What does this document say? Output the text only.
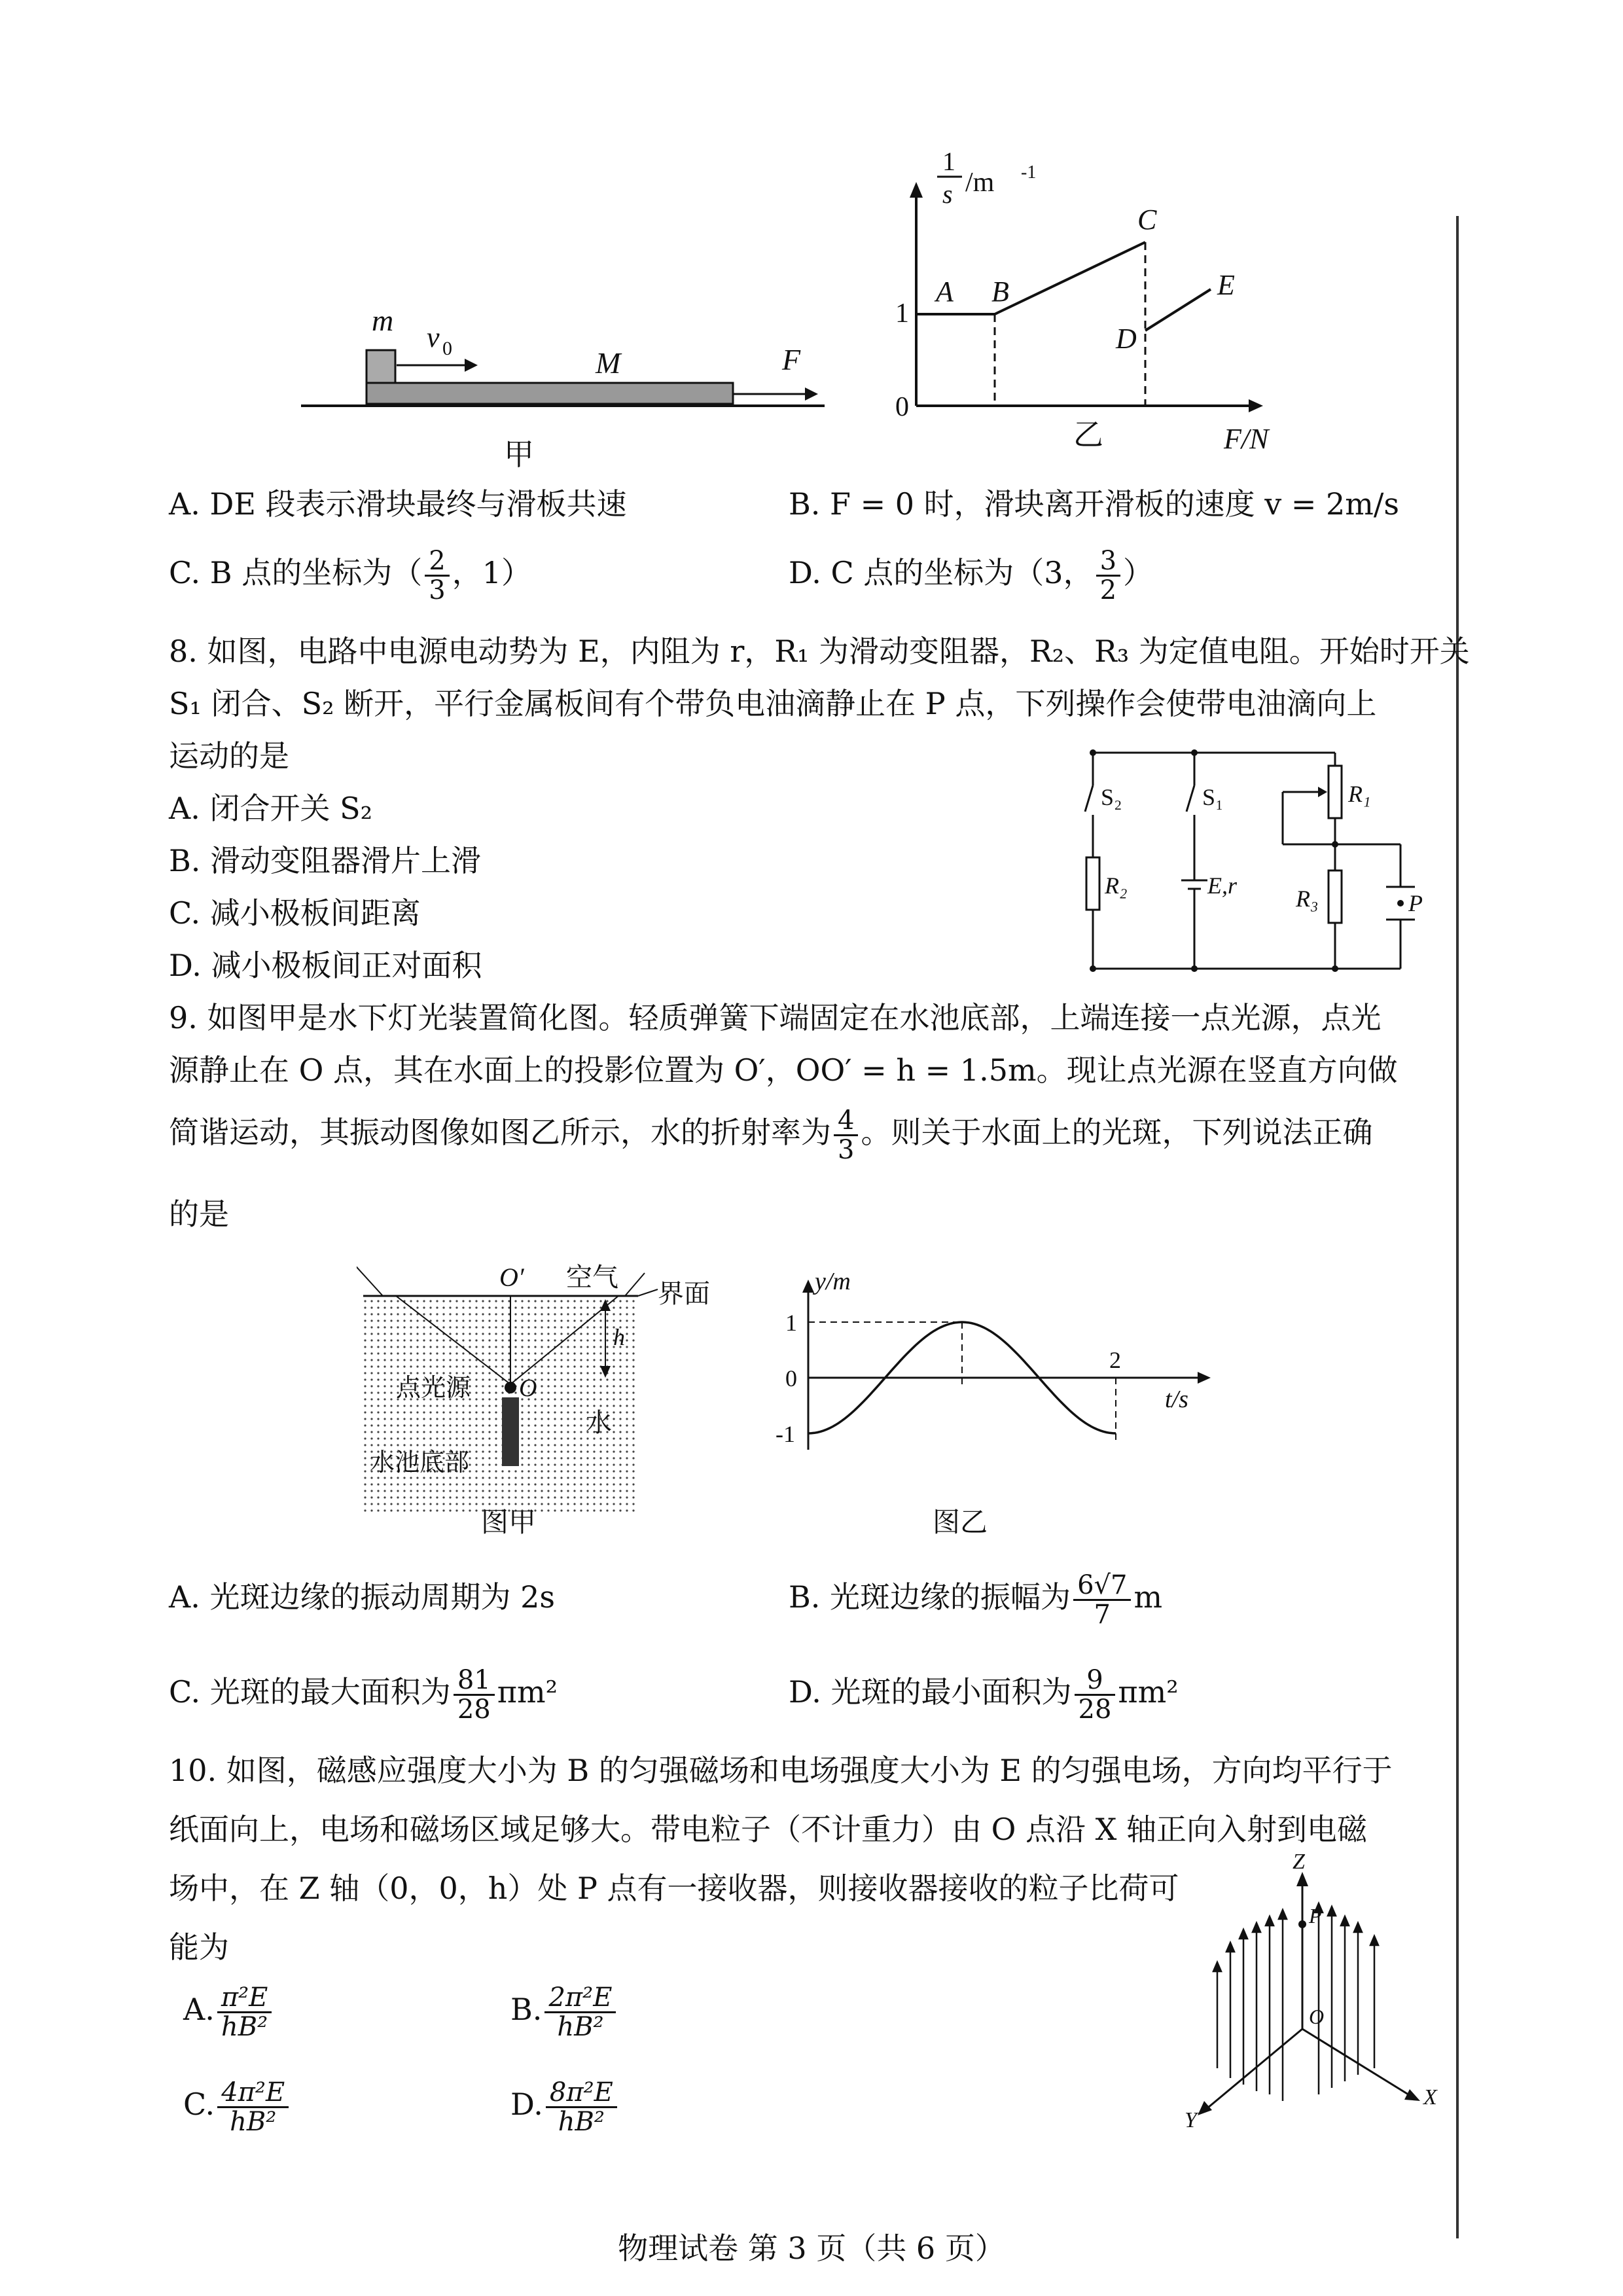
m
v 0	M	F
甲
1
s /m -1
1
0
A B
C
D
E
F/N
乙
A. DE 段表示滑块最终与滑板共速	B. F = 0 时，滑块离开滑板的速度 v = 2m/s
C. B 点的坐标为（ $\frac{2}{3}$ ，1）	D. C 点的坐标为（3， $\frac{3}{2}$ ）
8. 如图，电路中电源电动势为 E，内阻为 r，R₁ 为滑动变阻器，R₂、R₃ 为定值电阻。开始时开关
S₁ 闭合、S₂ 断开，平行金属板间有个带负电油滴静止在 P 点，下列操作会使带电油滴向上
运动的是
A. 闭合开关 S₂
B. 滑动变阻器滑片上滑
C. 减小极板间距离
D. 减小极板间正对面积
S₂	S₁	R₁
R₂	E,r	R₃	P
9. 如图甲是水下灯光装置简化图。轻质弹簧下端固定在水池底部，上端连接一点光源，点光
源静止在 O 点，其在水面上的投影位置为 O′，OO′ = h = 1.5m。现让点光源在竖直方向做
简谐运动，其振动图像如图乙所示，水的折射率为 $\frac{4}{3}$ 。则关于水面上的光斑，下列说法正确
的是
O′ 空气
界面
h
点光源 O
水
水池底部
图甲
y/m
1
0
-1
2
t/s
图乙
A. 光斑边缘的振动周期为 2s	B. 光斑边缘的振幅为 $\frac{6√7}{7}$ m
C. 光斑的最大面积为 $\frac{81}{28} \pi m^2$	D. 光斑的最小面积为 $\frac{9}{28} \pi m^2$
10. 如图，磁感应强度大小为 B 的匀强磁场和电场强度大小为 E 的匀强电场，方向均平行于
纸面向上，电场和磁场区域足够大。带电粒子（不计重力）由 O 点沿 X 轴正向入射到电磁
场中，在 Z 轴（0，0，h）处 P 点有一接收器，则接收器接收的粒子比荷可
能为
A. $\frac{\text{π²E}}{\text{hB²}}$	B. $\frac{\text{2π²E}}{\text{hB²}}$
C. $\frac{\text{4π²E}}{\text{hB²}}$	D. $\frac{\text{8π²E}}{\text{hB²}}$
Z
P
O
X
Y
物理试卷 第 3 页（共 6 页）
